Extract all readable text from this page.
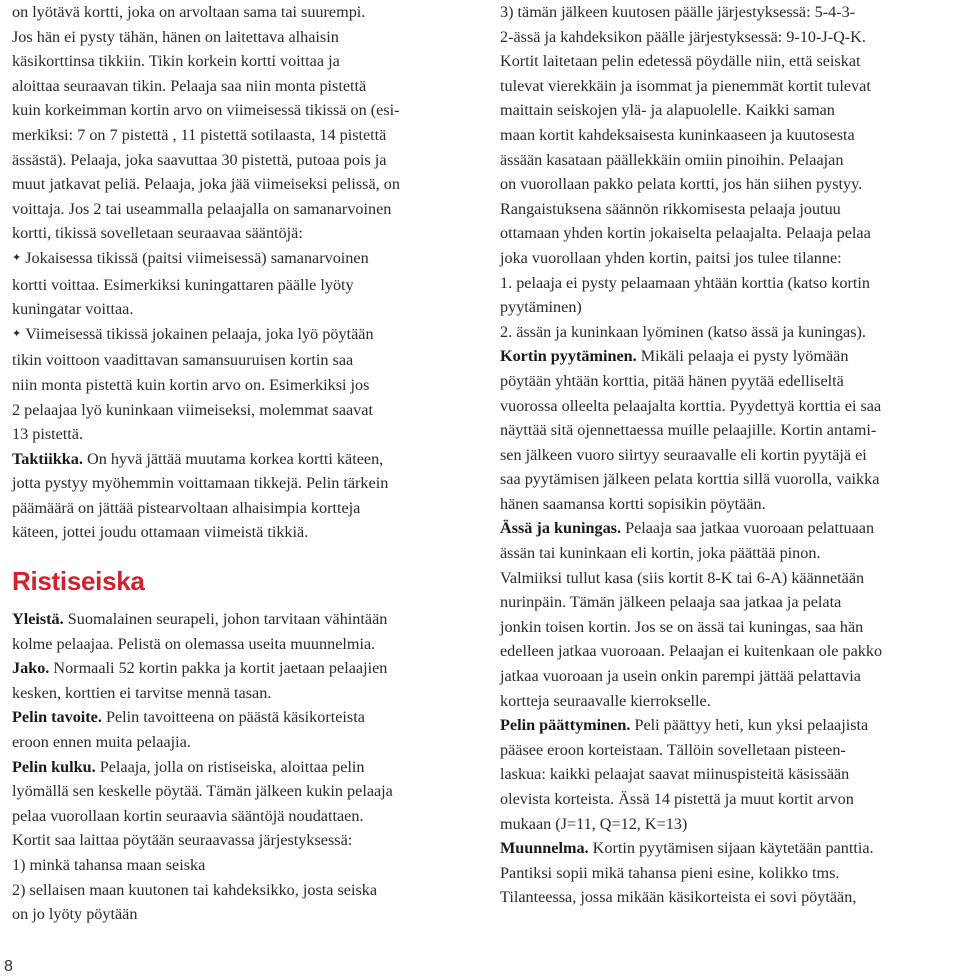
on lyötävä kortti, joka on arvoltaan sama tai suurempi.

Jos hän ei pysty tähän, hänen on laitettava alhaisin

käsikorttinsa tikkiin. Tikin korkein kortti voittaa ja

aloittaa seuraavan tikin. Pelaaja saa niin monta pistettä

kuin korkeimman kortin arvo on viimeisessä tikissä on (esi-

merkiksi: 7 on 7 pistettä , 11 pistettä sotilaasta, 14 pistettä

ässästä). Pelaaja, joka saavuttaa 30 pistettä, putoaa pois ja

muut jatkavat peliä. Pelaaja, joka jää viimeiseksi pelissä, on

voittaja. Jos 2 tai useammalla pelaajalla on samanarvoinen

kortti, tikissä sovelletaan seuraavaa sääntöjä:

✦ Jokaisessa tikissä (paitsi viimeisessä) samanarvoinen

kortti voittaa. Esimerkiksi kuningattaren päälle lyöty

kuningatar voittaa.

✦ Viimeisessä tikissä jokainen pelaaja, joka lyö pöytään

tikin voittoon vaadittavan samansuuruisen kortin saa

niin monta pistettä kuin kortin arvo on. Esimerkiksi jos

2 pelaajaa lyö kuninkaan viimeiseksi, molemmat saavat

13 pistettä.

Taktiikka. On hyvä jättää muutama korkea kortti käteen,

jotta pystyy myöhemmin voittamaan tikkejä. Pelin tärkein

päämäärä on jättää pistearvoltaan alhaisimpia kortteja

käteen, jottei joudu ottamaan viimeistä tikkiä.

Ristiseiska

Yleistä. Suomalainen seurapeli, johon tarvitaan vähintään

kolme pelaajaa. Pelistä on olemassa useita muunnelmia.

Jako. Normaali 52 kortin pakka ja kortit jaetaan pelaajien

kesken, korttien ei tarvitse mennä tasan.

Pelin tavoite. Pelin tavoitteena on päästä käsikorteista

eroon ennen muita pelaajia.

Pelin kulku. Pelaaja, jolla on ristiseiska, aloittaa pelin

lyömällä sen keskelle pöytää. Tämän jälkeen kukin pelaaja

pelaa vuorollaan kortin seuraavia sääntöjä noudattaen.

Kortit saa laittaa pöytään seuraavassa järjestyksessä:

1) minkä tahansa maan seiska

2) sellaisen maan kuutonen tai kahdeksikko, josta seiska

on jo lyöty pöytään

3) tämän jälkeen kuutosen päälle järjestyksessä: 5-4-3-

2-ässä ja kahdeksikon päälle järjestyksessä: 9-10-J-Q-K.

Kortit laitetaan pelin edetessä pöydälle niin, että seiskat

tulevat vierekkäin ja isommat ja pienemmät kortit tulevat

maittain seiskojen ylä- ja alapuolelle. Kaikki saman

maan kortit kahdeksaisesta kuninkaaseen ja kuutosesta

ässään kasataan päällekkäin omiin pinoihin. Pelaajan

on vuorollaan pakko pelata kortti, jos hän siihen pystyy.

Rangaistuksena säännön rikkomisesta pelaaja joutuu

ottamaan yhden kortin jokaiselta pelaajalta. Pelaaja pelaa

joka vuorollaan yhden kortin, paitsi jos tulee tilanne:

1. pelaaja ei pysty pelaamaan yhtään korttia (katso kortin

pyytäminen)

2. ässän ja kuninkaan lyöminen (katso ässä ja kuningas).

Kortin pyytäminen. Mikäli pelaaja ei pysty lyömään

pöytään yhtään korttia, pitää hänen pyytää edelliseltä

vuorossa olleelta pelaajalta korttia. Pyydettyä korttia ei saa

näyttää sitä ojennettaessa muille pelaajille. Kortin antami-

sen jälkeen vuoro siirtyy seuraavalle eli kortin pyytäjä ei

saa pyytämisen jälkeen pelata korttia sillä vuorolla, vaikka

hänen saamansa kortti sopisikin pöytään.

Ässä ja kuningas. Pelaaja saa jatkaa vuoroaan pelattuaan

ässän tai kuninkaan eli kortin, joka päättää pinon.

Valmiiksi tullut kasa (siis kortit 8-K tai 6-A) käännetään

nurinpäin. Tämän jälkeen pelaaja saa jatkaa ja pelata

jonkin toisen kortin. Jos se on ässä tai kuningas, saa hän

edelleen jatkaa vuoroaan. Pelaajan ei kuitenkaan ole pakko

jatkaa vuoroaan ja usein onkin parempi jättää pelattavia

kortteja seuraavalle kierrokselle.

Pelin päättyminen. Peli päättyy heti, kun yksi pelaajista

pääsee eroon korteistaan. Tällöin sovelletaan pisteen-

laskua: kaikki pelaajat saavat miinuspisteitä käsissään

olevista korteista. Ässä 14 pistettä ja muut kortit arvon

mukaan (J=11, Q=12, K=13)

Muunnelma. Kortin pyytämisen sijaan käytetään panttia.

Pantiksi sopii mikä tahansa pieni esine, kolikko tms.

Tilanteessa, jossa mikään käsikorteista ei sovi pöytään,

8
